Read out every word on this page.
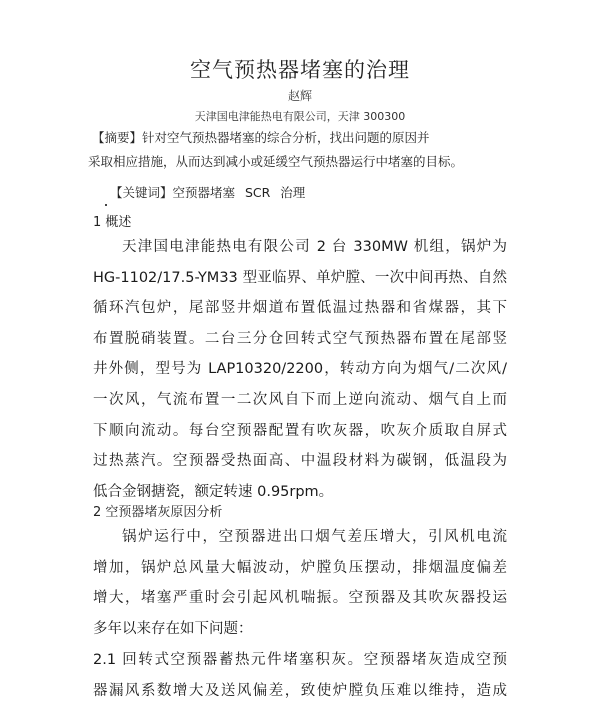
空气预热器堵塞的治理
赵辉
天津国电津能热电有限公司，天津 300300
【摘要】针对空气预热器堵塞的综合分析，找出问题的原因并
采取相应措施，从而达到减小或延缓空气预热器运行中堵塞的目标。
【关键词】空预器堵塞 SCR 治理
1 概述
天津国电津能热电有限公司 2 台 330MW 机组，锅炉为
HG-1102/17.5-YM33 型亚临界、单炉膛、一次中间再热、自然
循环汽包炉，尾部竖井烟道布置低温过热器和省煤器，其下
布置脱硝装置。二台三分仓回转式空气预热器布置在尾部竖
井外侧，型号为 LAP10320/2200，转动方向为烟气/二次风/
一次风，气流布置一二次风自下而上逆向流动、烟气自上而
下顺向流动。每台空预器配置有吹灰器，吹灰介质取自屏式
过热蒸汽。空预器受热面高、中温段材料为碳钢，低温段为
低合金钢搪瓷，额定转速 0.95rpm。
2 空预器堵灰原因分析
锅炉运行中，空预器进出口烟气差压增大，引风机电流
增加，锅炉总风量大幅波动，炉膛负压摆动，排烟温度偏差
增大，堵塞严重时会引起风机喘振。空预器及其吹灰器投运
多年以来存在如下问题：
2.1 回转式空预器蓄热元件堵塞积灰。空预器堵灰造成空预
器漏风系数增大及送风偏差，致使炉膛负压难以维持，造成
